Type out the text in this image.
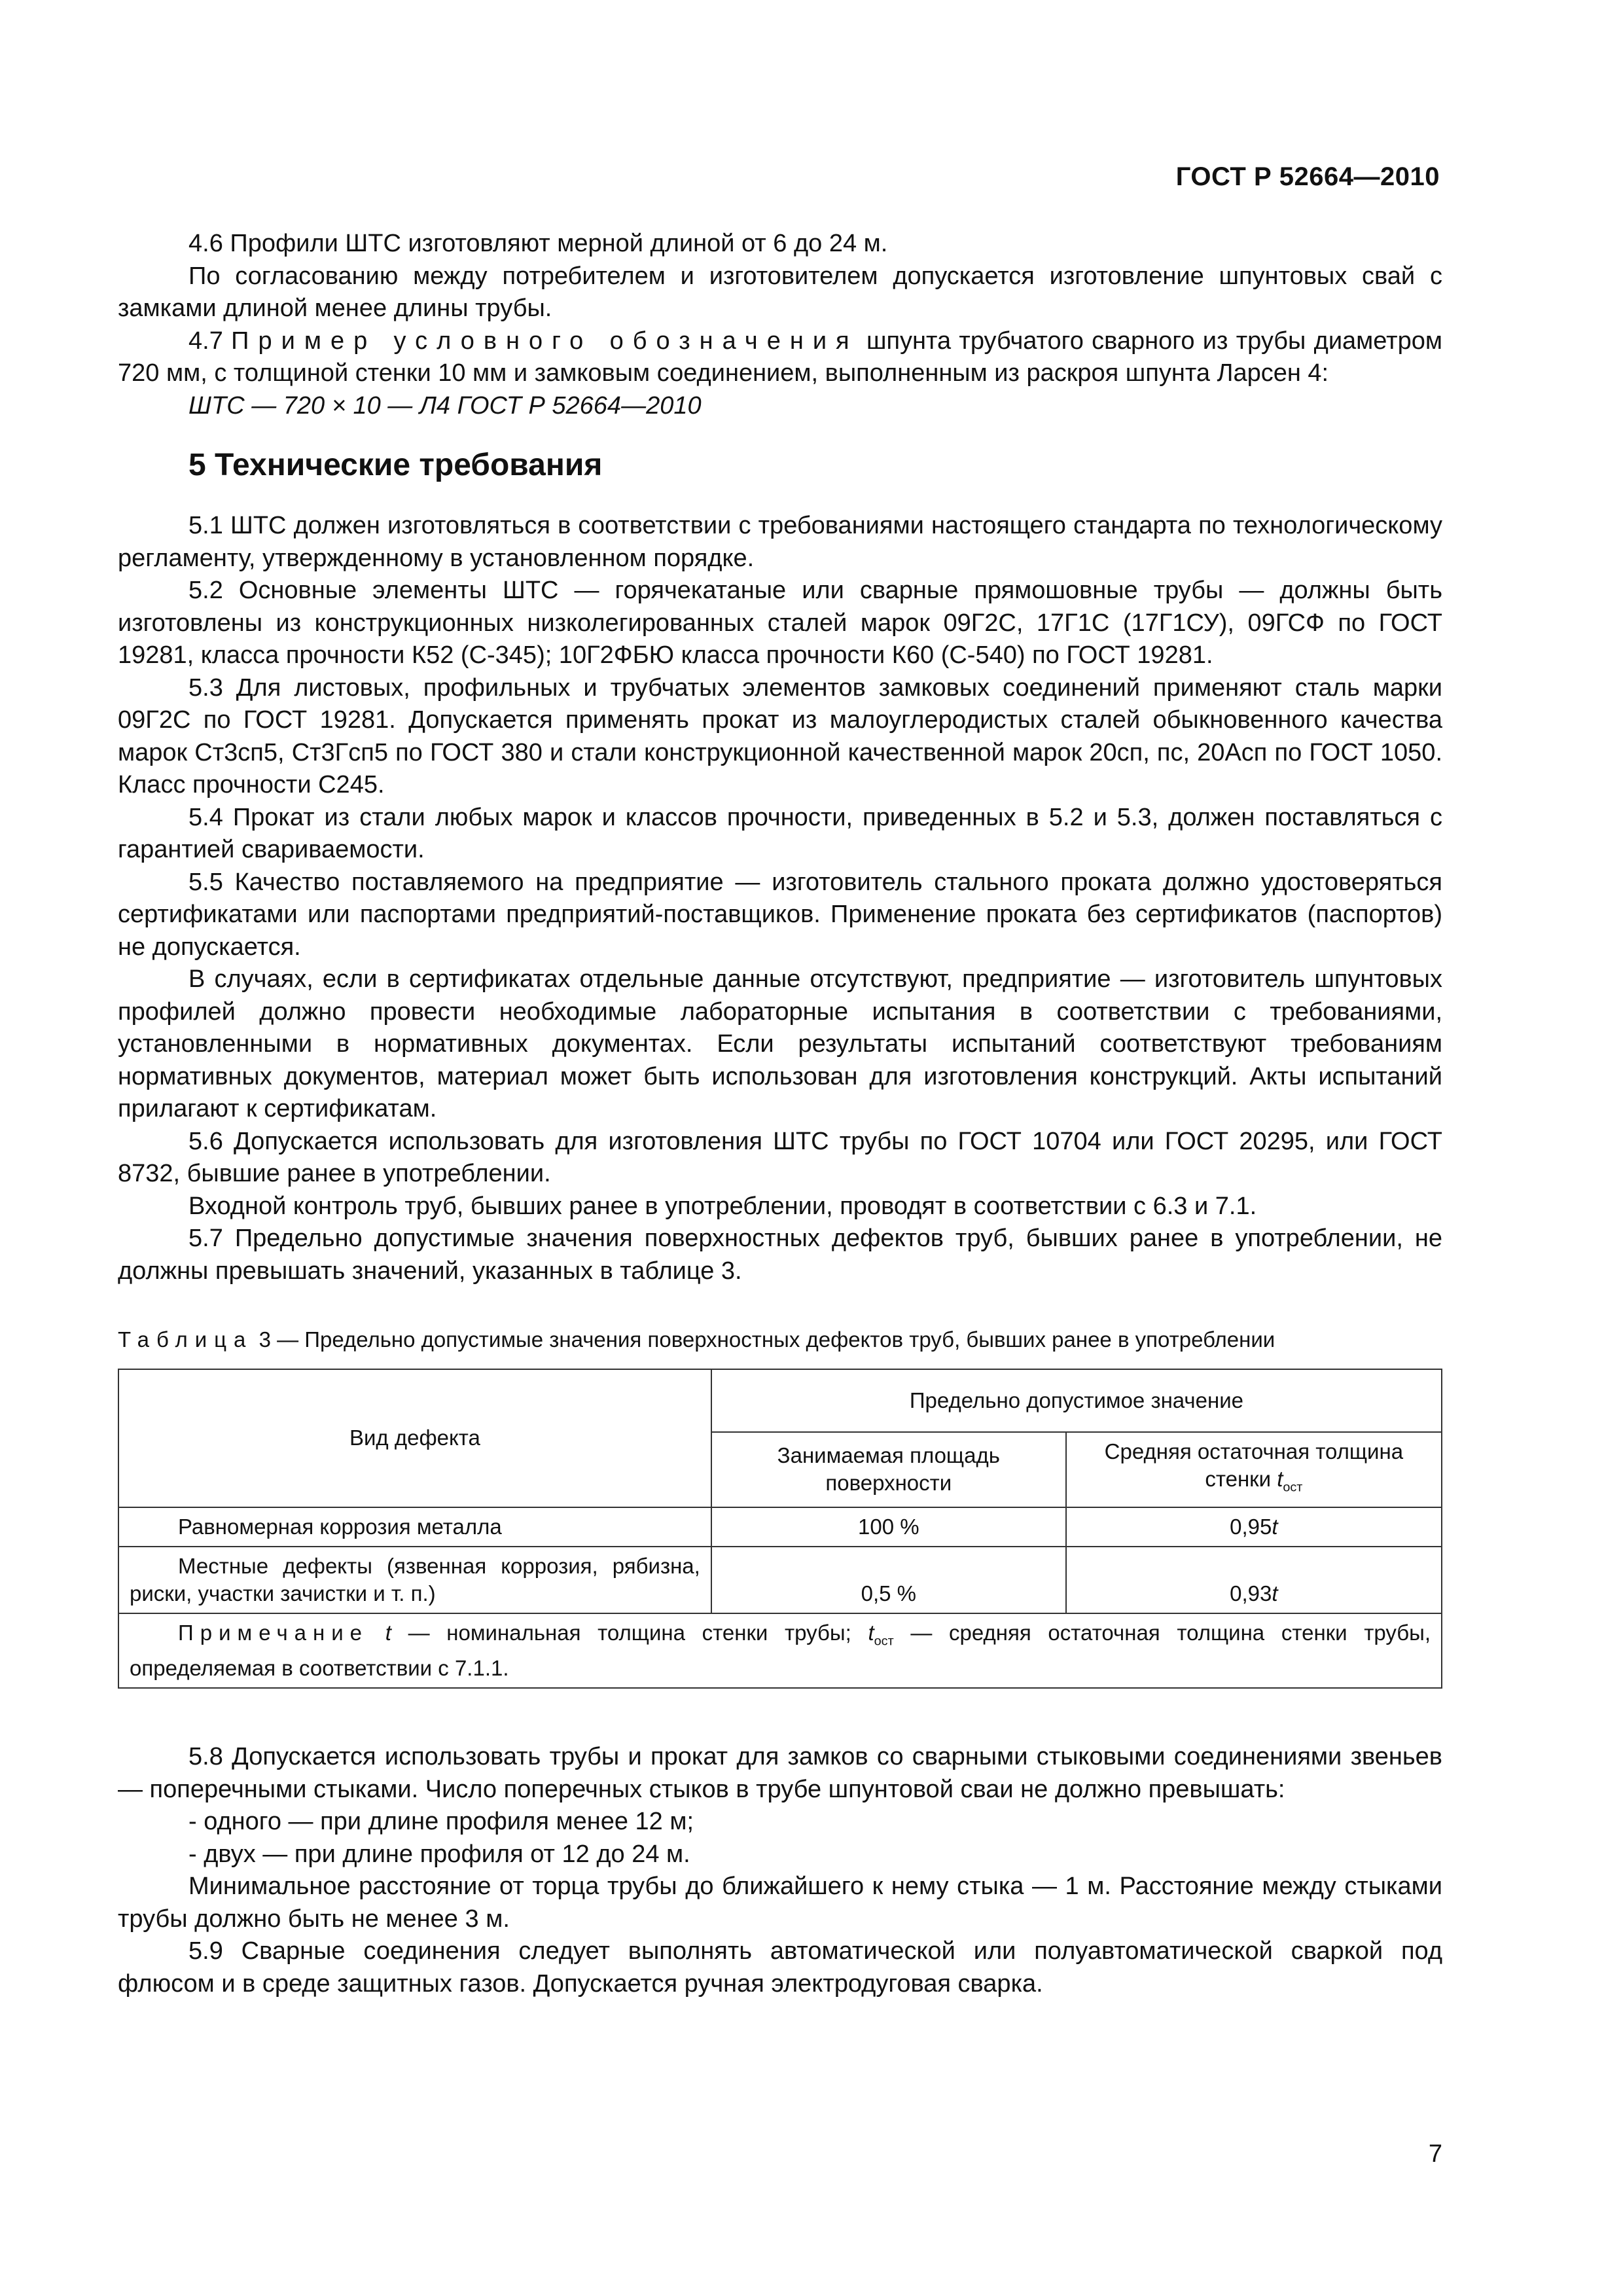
ГОСТ Р 52664—2010

4.6 Профили ШТС изготовляют мерной длиной от 6 до 24 м.

По согласованию между потребителем и изготовителем допускается изготовление шпунтовых свай с замками длиной менее длины трубы.

4.7 Пример условного обозначения шпунта трубчатого сварного из трубы диаметром 720 мм, с толщиной стенки 10 мм и замковым соединением, выполненным из раскроя шпунта Ларсен 4:

ШТС — 720 × 10 — Л4 ГОСТ Р 52664—2010

5 Технические требования

5.1 ШТС должен изготовляться в соответствии с требованиями настоящего стандарта по технологическому регламенту, утвержденному в установленном порядке.

5.2 Основные элементы ШТС — горячекатаные или сварные прямошовные трубы — должны быть изготовлены из конструкционных низколегированных сталей марок 09Г2С, 17Г1С (17Г1СУ), 09ГСФ по ГОСТ 19281, класса прочности К52 (С-345); 10Г2ФБЮ класса прочности К60 (С-540) по ГОСТ 19281.

5.3 Для листовых, профильных и трубчатых элементов замковых соединений применяют сталь марки 09Г2С по ГОСТ 19281. Допускается применять прокат из малоуглеродистых сталей обыкновенного качества марок Ст3сп5, Ст3Гсп5 по ГОСТ 380 и стали конструкционной качественной марок 20сп, пс, 20Асп по ГОСТ 1050. Класс прочности С245.

5.4 Прокат из стали любых марок и классов прочности, приведенных в 5.2 и 5.3, должен поставляться с гарантией свариваемости.

5.5 Качество поставляемого на предприятие — изготовитель стального проката должно удостоверяться сертификатами или паспортами предприятий-поставщиков. Применение проката без сертификатов (паспортов) не допускается.

В случаях, если в сертификатах отдельные данные отсутствуют, предприятие — изготовитель шпунтовых профилей должно провести необходимые лабораторные испытания в соответствии с требованиями, установленными в нормативных документах. Если результаты испытаний соответствуют требованиям нормативных документов, материал может быть использован для изготовления конструкций. Акты испытаний прилагают к сертификатам.

5.6 Допускается использовать для изготовления ШТС трубы по ГОСТ 10704 или ГОСТ 20295, или ГОСТ 8732, бывшие ранее в употреблении.

Входной контроль труб, бывших ранее в употреблении, проводят в соответствии с 6.3 и 7.1.

5.7 Предельно допустимые значения поверхностных дефектов труб, бывших ранее в употреблении, не должны превышать значений, указанных в таблице 3.

Таблица 3 — Предельно допустимые значения поверхностных дефектов труб, бывших ранее в употреблении
Вид дефекта	Предельно допустимое значение	
	Занимаемая площадь поверхности	Средняя остаточная толщина стенки $t_{ост}$
Равномерная коррозия металла	100 %	0,95t
Местные дефекты (язвенная коррозия, рябизна, риски, участки зачистки и т. п.)	0,5 %	0,93t
Примечание t — номинальная толщина стенки трубы; $t_{ост}$ — средняя остаточная толщина стенки трубы, определяемая в соответствии с 7.1.1.		

5.8 Допускается использовать трубы и прокат для замков со сварными стыковыми соединениями звеньев — поперечными стыками. Число поперечных стыков в трубе шпунтовой сваи не должно превышать:

- одного — при длине профиля менее 12 м;

- двух — при длине профиля от 12 до 24 м.

Минимальное расстояние от торца трубы до ближайшего к нему стыка — 1 м. Расстояние между стыками трубы должно быть не менее 3 м.

5.9 Сварные соединения следует выполнять автоматической или полуавтоматической сваркой под флюсом и в среде защитных газов. Допускается ручная электродуговая сварка.

7
